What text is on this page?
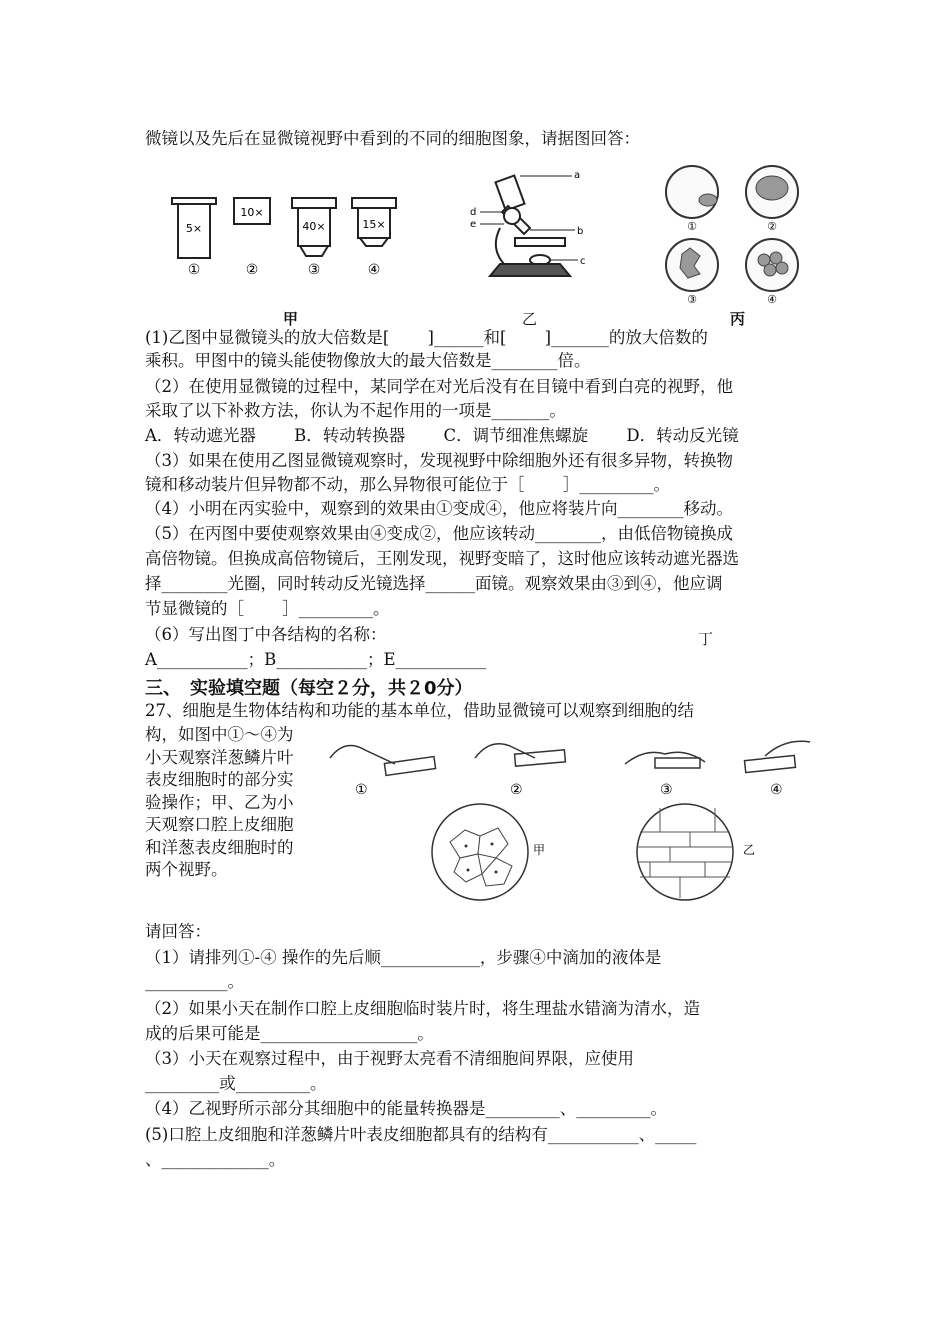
微镜以及先后在显微镜视野中看到的不同的细胞图象，请据图回答：
5×
①
10×
②
40×
③
15×
④
甲
a
b
c
d
e
乙
①	②
③	④
丙
(1)乙图中显微镜头的放大倍数是[　　 ]______和[　　 ]_______的放大倍数的
乘积。甲图中的镜头能使物像放大的最大倍数是________倍。
（2）在使用显微镜的过程中，某同学在对光后没有在目镜中看到白亮的视野，他
采取了以下补救方法，你认为不起作用的一项是_______。
A．转动遮光器　　 B．转动转换器　　 C．调节细准焦螺旋　　 D．转动反光镜
（3）如果在使用乙图显微镜观察时，发现视野中除细胞外还有很多异物，转换物
镜和移动装片但异物都不动，那么异物很可能位于［　　 ］_________。
（4）小明在丙实验中，观察到的效果由①变成④，他应将装片向________移动。
（5）在丙图中要使观察效果由④变成②，他应该转动________，由低倍物镜换成
高倍物镜。但换成高倍物镜后，王刚发现，视野变暗了，这时他应该转动遮光器选
择________光圈，同时转动反光镜选择______面镜。观察效果由③到④，他应调
节显微镜的［　　 ］_________。
（6）写出图丁中各结构的名称：	丁
A___________；B___________；E___________
三、　实验填空题（每空２分，共２0分）
27、细胞是生物体结构和功能的基本单位，借助显微镜可以观察到细胞的结
构，如图中①～④为小天观察洋葱鳞片叶表皮细胞时的部分实验操作；甲、乙为小天观察口腔上皮细胞和洋葱表皮细胞时的两个视野。
①	②	③	④
甲	乙
请回答：
（1）请排列①-④ 操作的先后顺____________，步骤④中滴加的液体是
__________。
（2）如果小天在制作口腔上皮细胞临时装片时，将生理盐水错滴为清水，造
成的后果可能是___________________。
（3）小天在观察过程中，由于视野太亮看不清细胞间界限，应使用
_________或_________。
（4）乙视野所示部分其细胞中的能量转换器是_________、_________。
(5)口腔上皮细胞和洋葱鳞片叶表皮细胞都具有的结构有___________、_____
、_____________。
